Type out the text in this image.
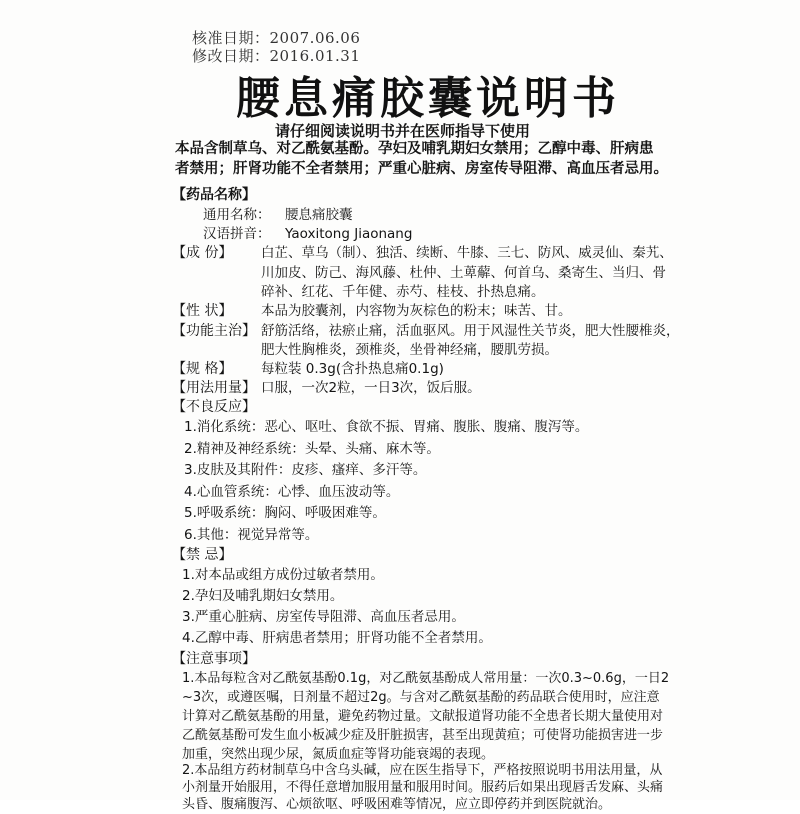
核准日期：2007.06.06
修改日期：2016.01.31
腰息痛胶囊说明书
请仔细阅读说明书并在医师指导下使用
本品含制草乌、对乙酰氨基酚。孕妇及哺乳期妇女禁用；乙醇中毒、肝病患
者禁用；肝肾功能不全者禁用；严重心脏病、房室传导阻滞、高血压者忌用。
【药品名称】
通用名称： 腰息痛胶囊
汉语拼音： Yaoxitong Jiaonang
【成 份】 白芷、草乌（制）、独活、续断、牛膝、三七、防风、威灵仙、秦艽、
川加皮、防己、海风藤、杜仲、土萆薢、何首乌、桑寄生、当归、骨
碎补、红花、千年健、赤芍、桂枝、扑热息痛。
【性 状】 本品为胶囊剂，内容物为灰棕色的粉末；味苦、甘。
【功能主治】 舒筋活络，祛瘀止痛，活血驱风。用于风湿性关节炎，肥大性腰椎炎，
肥大性胸椎炎，颈椎炎，坐骨神经痛，腰肌劳损。
【规 格】 每粒装 0.3g(含扑热息痛0.1g)
【用法用量】 口服，一次2粒，一日3次，饭后服。
【不良反应】
1.消化系统：恶心、呕吐、食欲不振、胃痛、腹胀、腹痛、腹泻等。
2.精神及神经系统：头晕、头痛、麻木等。
3.皮肤及其附件：皮疹、瘙痒、多汗等。
4.心血管系统：心悸、血压波动等。
5.呼吸系统：胸闷、呼吸困难等。
6.其他：视觉异常等。
【禁 忌】
1.对本品或组方成份过敏者禁用。
2.孕妇及哺乳期妇女禁用。
3.严重心脏病、房室传导阻滞、高血压者忌用。
4.乙醇中毒、肝病患者禁用；肝肾功能不全者禁用。
【注意事项】
1.本品每粒含对乙酰氨基酚0.1g，对乙酰氨基酚成人常用量：一次0.3~0.6g，一日2
~3次，或遵医嘱，日剂量不超过2g。与含对乙酰氨基酚的药品联合使用时，应注意
计算对乙酰氨基酚的用量，避免药物过量。文献报道肾功能不全患者长期大量使用对
乙酰氨基酚可发生血小板减少症及肝脏损害，甚至出现黄疸；可使肾功能损害进一步
加重，突然出现少尿，氮质血症等肾功能衰竭的表现。
2.本品组方药材制草乌中含乌头碱，应在医生指导下，严格按照说明书用法用量，从
小剂量开始服用，不得任意增加服用量和服用时间。服药后如果出现唇舌发麻、头痛
头昏、腹痛腹泻、心烦欲呕、呼吸困难等情况，应立即停药并到医院就治。
